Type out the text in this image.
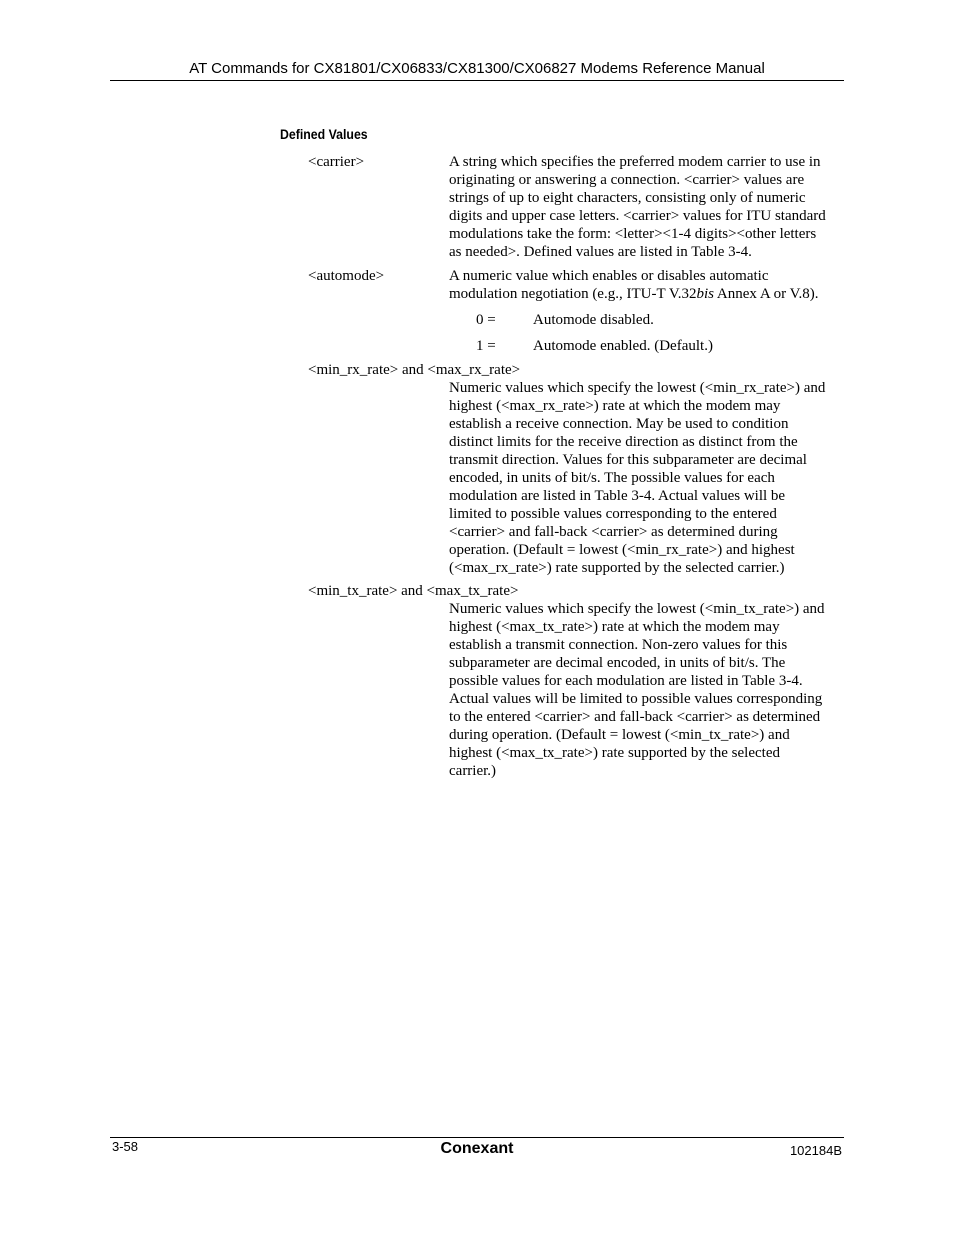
AT Commands for CX81801/CX06833/CX81300/CX06827 Modems Reference Manual
Defined Values
<carrier>	A string which specifies the preferred modem carrier to use in
originating or answering a connection. <carrier> values are
strings of up to eight characters, consisting only of numeric
digits and upper case letters. <carrier> values for ITU standard
modulations take the form: <letter><1-4 digits><other letters
as needed>. Defined values are listed in Table 3-4.
<automode>	A numeric value which enables or disables automatic
modulation negotiation (e.g., ITU-T V.32bis Annex A or V.8).
0 = Automode disabled.
1 = Automode enabled. (Default.)
<min_rx_rate> and <max_rx_rate>
Numeric values which specify the lowest (<min_rx_rate>) and
highest (<max_rx_rate>) rate at which the modem may
establish a receive connection. May be used to condition
distinct limits for the receive direction as distinct from the
transmit direction. Values for this subparameter are decimal
encoded, in units of bit/s. The possible values for each
modulation are listed in Table 3-4. Actual values will be
limited to possible values corresponding to the entered
<carrier> and fall-back <carrier> as determined during
operation. (Default = lowest (<min_rx_rate>) and highest
(<max_rx_rate>) rate supported by the selected carrier.)
<min_tx_rate> and <max_tx_rate>
Numeric values which specify the lowest (<min_tx_rate>) and
highest (<max_tx_rate>) rate at which the modem may
establish a transmit connection. Non-zero values for this
subparameter are decimal encoded, in units of bit/s. The
possible values for each modulation are listed in Table 3-4.
Actual values will be limited to possible values corresponding
to the entered <carrier> and fall-back <carrier> as determined
during operation. (Default = lowest (<min_tx_rate>) and
highest (<max_tx_rate>) rate supported by the selected
carrier.)
3-58	Conexant	102184B
